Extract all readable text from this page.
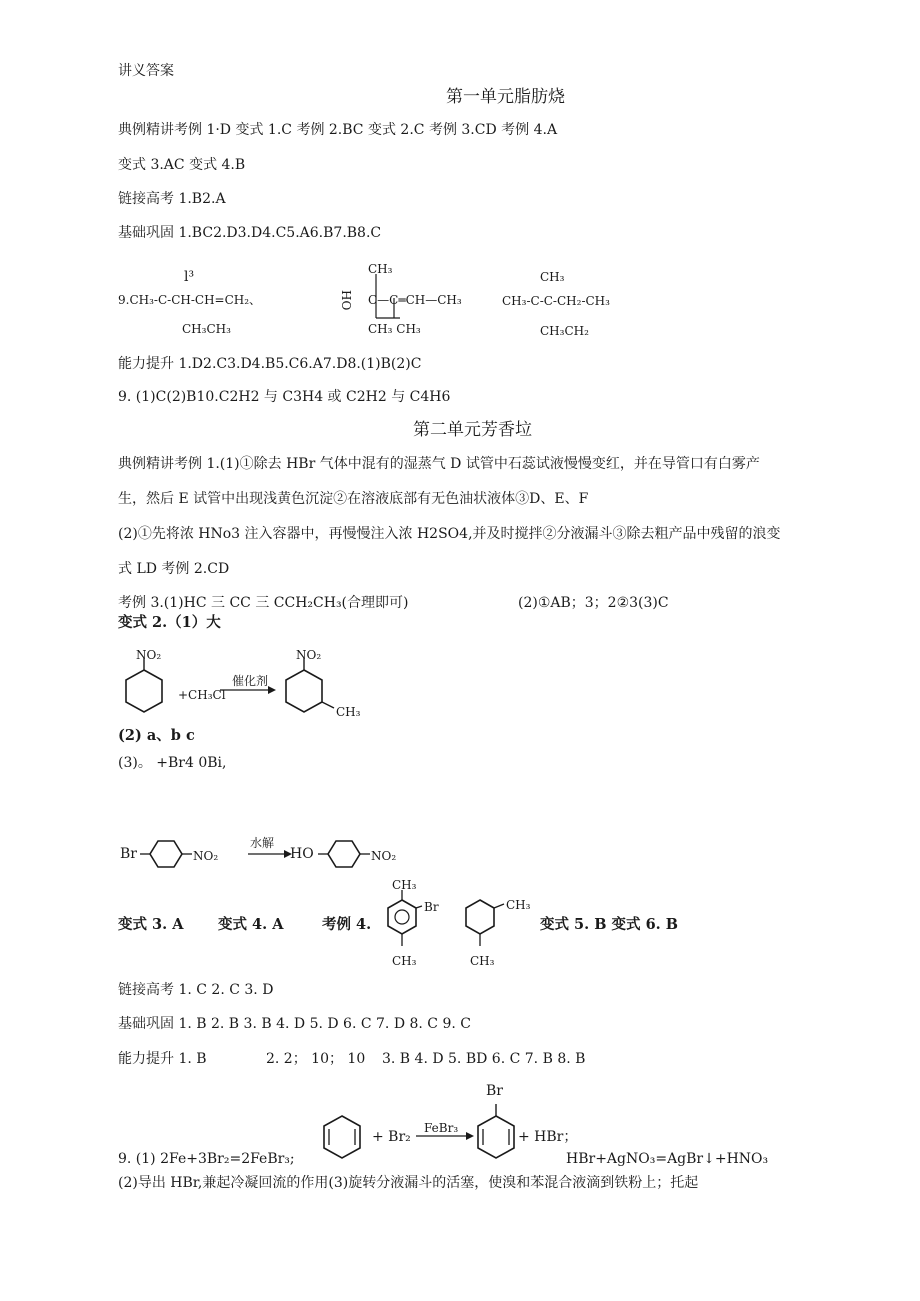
讲义答案
第一单元脂肪烧
典例精讲考例 1·D 变式 1.C 考例 2.BC 变式 2.C 考例 3.CD 考例 4.A
变式 3.AC 变式 4.B
链接高考 1.B2.A
基础巩固 1.BC2.D3.D4.C5.A6.B7.B8.C
l³
9.CH₃-C-CH-CH=CH₂、
CH₃CH₃
CH₃
HO C—C═CH—CH₃
CH₃ CH₃
CH₃
CH₃-C-C-CH₂-CH₃
CH₃CH₂
能力提升 1.D2.C3.D4.B5.C6.A7.D8.(1)B(2)C
9. (1)C(2)B10.C2H2 与 C3H4 或 C2H2 与 C4H6
第二单元芳香垃
典例精讲考例 1.(1)①除去 HBr 气体中混有的湿蒸气 D 试管中石蕊试液慢慢变红，并在导管口有白雾产
生，然后 E 试管中出现浅黄色沉淀②在溶液底部有无色油状液体③D、E、F
(2)①先将浓 HNo3 注入容器中，再慢慢注入浓 H2SO4,并及时搅拌②分液漏斗③除去粗产品中残留的浪变
式 LD 考例 2.CD
考例 3.(1)HC 三 CC 三 CCH₂CH₃(合理即可)	(2)①AB；3；2②3(3)C
变式 2.（1）大
NO₂
+CH₃Cl
催化剂
NO₂
CH₃
(2) a、b c
(3)。 +Br4 0Bi,
Br	NO₂
水解
HO	NO₂
变式 3. A 变式 4. A	考例 4.
CH₃
Br
CH₃
CH₃
CH₃
变式 5. B 变式 6. B
链接高考 1. C 2. C 3. D
基础巩固 1. B 2. B 3. B 4. D 5. D 6. C 7. D 8. C 9. C
能力提升 1. B	2. 2； 10； 10 3. B 4. D 5. BD 6. C 7. B 8. B
Br
+ Br₂
FeBr₃
+ HBr；
9. (1) 2Fe+3Br₂=2FeBr₃;	HBr+AgNO₃=AgBr↓+HNO₃
(2)导出 HBr,兼起冷凝回流的作用(3)旋转分液漏斗的活塞，使溴和苯混合液滴到铁粉上；托起
